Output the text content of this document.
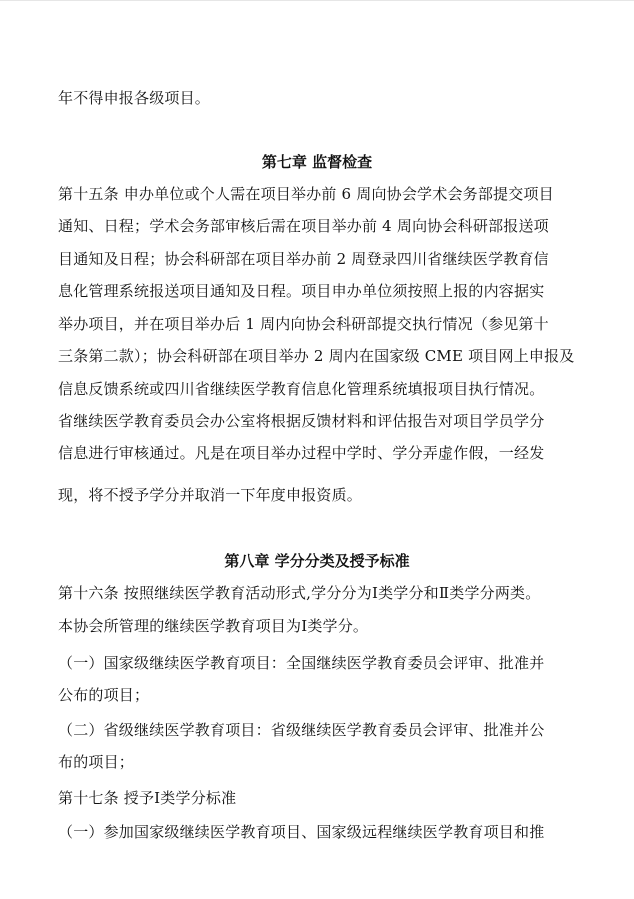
年不得申报各级项目。
第七章 监督检查
第十五条 申办单位或个人需在项目举办前 6 周向协会学术会务部提交项目
通知、日程；学术会务部审核后需在项目举办前 4 周向协会科研部报送项
目通知及日程；协会科研部在项目举办前 2 周登录四川省继续医学教育信
息化管理系统报送项目通知及日程。项目申办单位须按照上报的内容据实
举办项目，并在项目举办后 1 周内向协会科研部提交执行情况（参见第十
三条第二款）；协会科研部在项目举办 2 周内在国家级 CME 项目网上申报及
信息反馈系统或四川省继续医学教育信息化管理系统填报项目执行情况。
省继续医学教育委员会办公室将根据反馈材料和评估报告对项目学员学分
信息进行审核通过。凡是在项目举办过程中学时、学分弄虚作假，一经发
现，将不授予学分并取消一下年度申报资质。
第八章 学分分类及授予标准
第十六条 按照继续医学教育活动形式,学分分为Ⅰ类学分和Ⅱ类学分两类。
本协会所管理的继续医学教育项目为Ⅰ类学分。
（一）国家级继续医学教育项目：全国继续医学教育委员会评审、批准并
公布的项目；
（二）省级继续医学教育项目：省级继续医学教育委员会评审、批准并公
布的项目；
第十七条 授予Ⅰ类学分标准
（一）参加国家级继续医学教育项目、国家级远程继续医学教育项目和推
